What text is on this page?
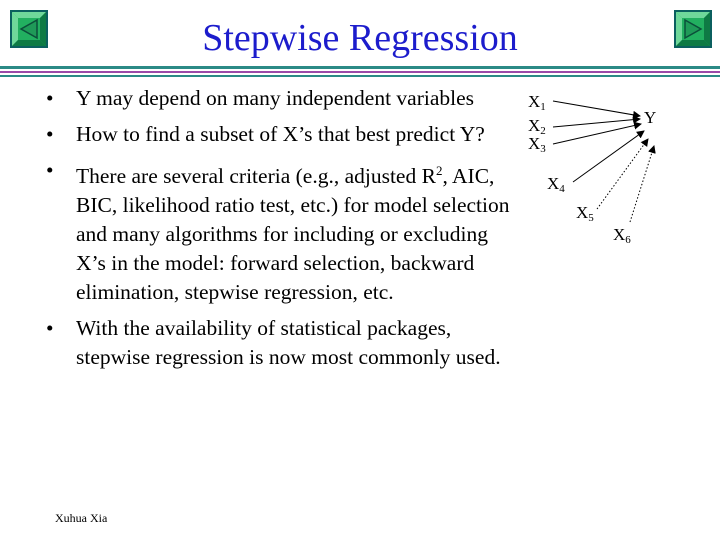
Stepwise Regression
• Y may depend on many independent variables
• How to find a subset of X’s that best predict Y?
• There are several criteria (e.g., adjusted $R^2$, AIC, BIC, likelihood ratio test, etc.) for model selection and many algorithms for including or excluding X’s in the model: forward selection, backward elimination, stepwise regression, etc.
• With the availability of statistical packages, stepwise regression is now most commonly used.
$X_1$
$X_2$
$X_3$
$X_4$
$X_5$
$X_6$
Y
Xuhua Xia
